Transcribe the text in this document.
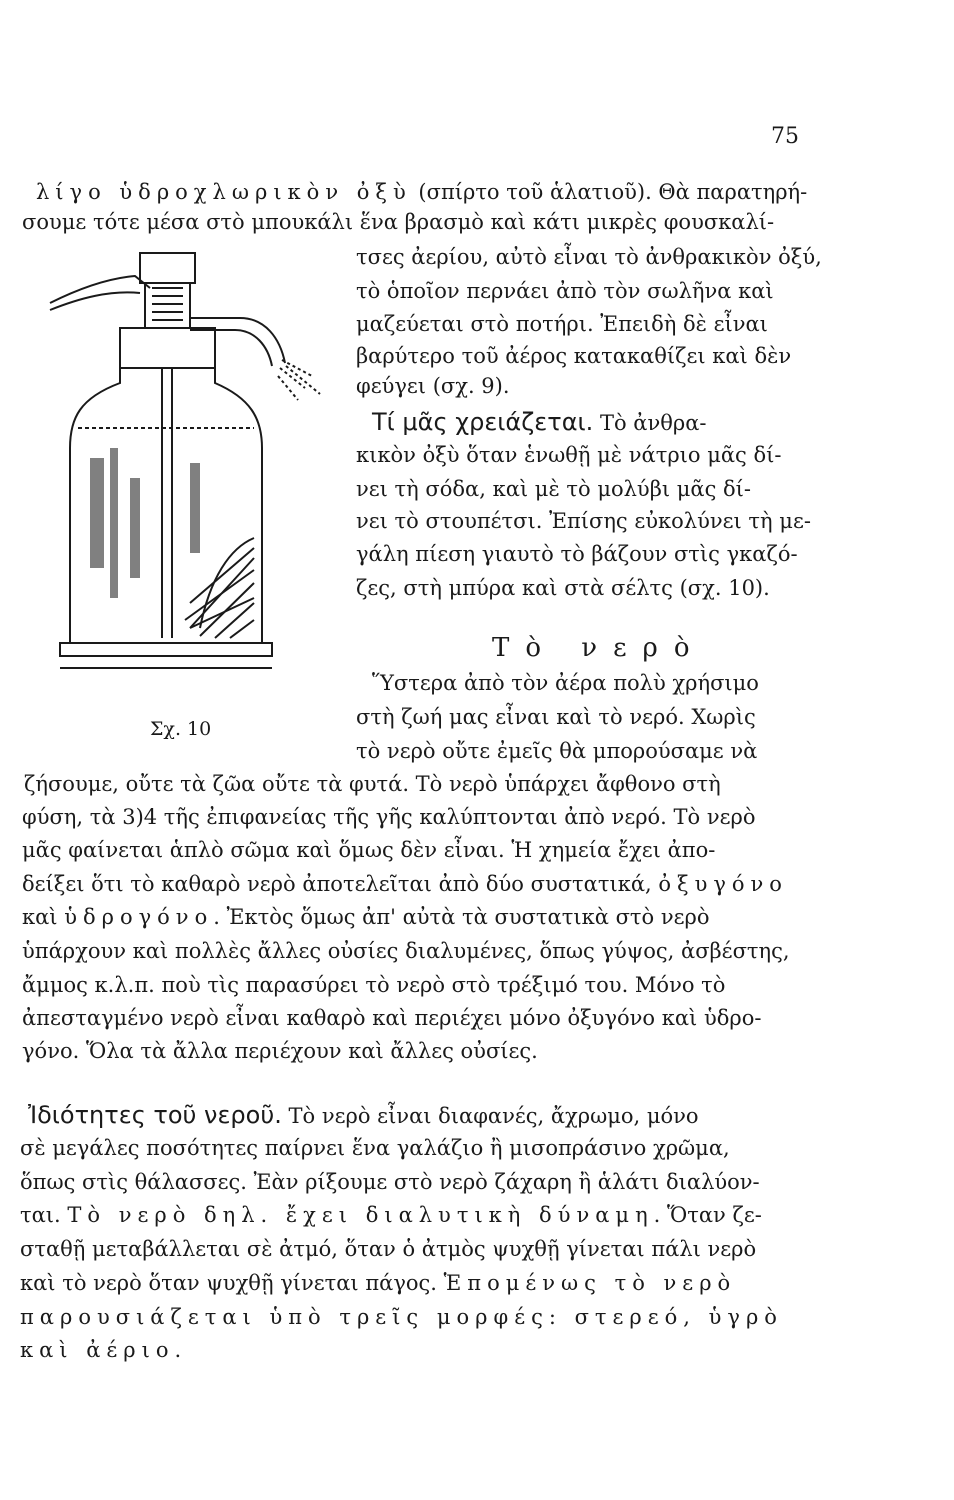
75
Σχ. 10
Τὸ νερὸ
λίγο ὑδροχλωρικὸν ὀξὺ (σπίρτο τοῦ ἁλατιοῦ). Θὰ παρατηρή-
σουμε τότε μέσα στὸ μπουκάλι ἕνα βρασμὸ καὶ κάτι μικρὲς φουσκαλί-
τσες ἀερίου, αὐτὸ εἶναι τὸ ἀνθρακικὸν ὀξύ,
τὸ ὁποῖον περνάει ἀπὸ τὸν σωλῆνα καὶ
μαζεύεται στὸ ποτήρι. Ἐπειδὴ δὲ εἶναι
βαρύτερο τοῦ ἀέρος κατακαθίζει καὶ δὲν
φεύγει (σχ. 9).
Τί μᾶς χρειάζεται. Τὸ ἀνθρα-
κικὸν ὀξὺ ὅταν ἑνωθῇ μὲ νάτριο μᾶς δί-
νει τὴ σόδα, καὶ μὲ τὸ μολύβι μᾶς δί-
νει τὸ στουπέτσι. Ἐπίσης εὐκολύνει τὴ με-
γάλη πίεση γιαυτὸ τὸ βάζουν στὶς γκαζό-
ζες, στὴ μπύρα καὶ στὰ σέλτς (σχ. 10).
Ὕστερα ἀπὸ τὸν ἀέρα πολὺ χρήσιμο
στὴ ζωή μας εἶναι καὶ τὸ νερό. Χωρὶς
τὸ νερὸ οὔτε ἐμεῖς θὰ μπορούσαμε νὰ
ζήσουμε, οὔτε τὰ ζῶα οὔτε τὰ φυτά. Τὸ νερὸ ὑπάρχει ἄφθονο στὴ
φύση, τὰ 3)4 τῆς ἐπιφανείας τῆς γῆς καλύπτονται ἀπὸ νερό. Τὸ νερὸ
μᾶς φαίνεται ἁπλὸ σῶμα καὶ ὅμως δὲν εἶναι. Ἡ χημεία ἔχει ἀπο-
δείξει ὅτι τὸ καθαρὸ νερὸ ἀποτελεῖται ἀπὸ δύο συστατικά, ὀξυγόνο
καὶ ὑδρογόνο. Ἐκτὸς ὅμως ἀπ' αὐτὰ τὰ συστατικὰ στὸ νερὸ
ὑπάρχουν καὶ πολλὲς ἄλλες οὐσίες διαλυμένες, ὅπως γύψος, ἀσβέστης,
ἄμμος κ.λ.π. ποὺ τὶς παρασύρει τὸ νερὸ στὸ τρέξιμό του. Μόνο τὸ
ἀπεσταγμένο νερὸ εἶναι καθαρὸ καὶ περιέχει μόνο ὀξυγόνο καὶ ὑδρο-
γόνο. Ὅλα τὰ ἄλλα περιέχουν καὶ ἄλλες οὐσίες.
Ἰδιότητες τοῦ νεροῦ. Τὸ νερὸ εἶναι διαφανές, ἄχρωμο, μόνο
σὲ μεγάλες ποσότητες παίρνει ἕνα γαλάζιο ἢ μισοπράσινο χρῶμα,
ὅπως στὶς θάλασσες. Ἐὰν ρίξουμε στὸ νερὸ ζάχαρη ἢ ἁλάτι διαλύον-
ται. Τὸ νερὸ δηλ. ἔχει διαλυτικὴ δύναμη. Ὅταν ζε-
σταθῇ μεταβάλλεται σὲ ἀτμό, ὅταν ὁ ἀτμὸς ψυχθῇ γίνεται πάλι νερὸ
καὶ τὸ νερὸ ὅταν ψυχθῇ γίνεται πάγος. Ἑπομένως τὸ νερὸ
παρουσιάζεται ὑπὸ τρεῖς μορφές: στερεό, ὑγρὸ
καὶ ἀέριο.
